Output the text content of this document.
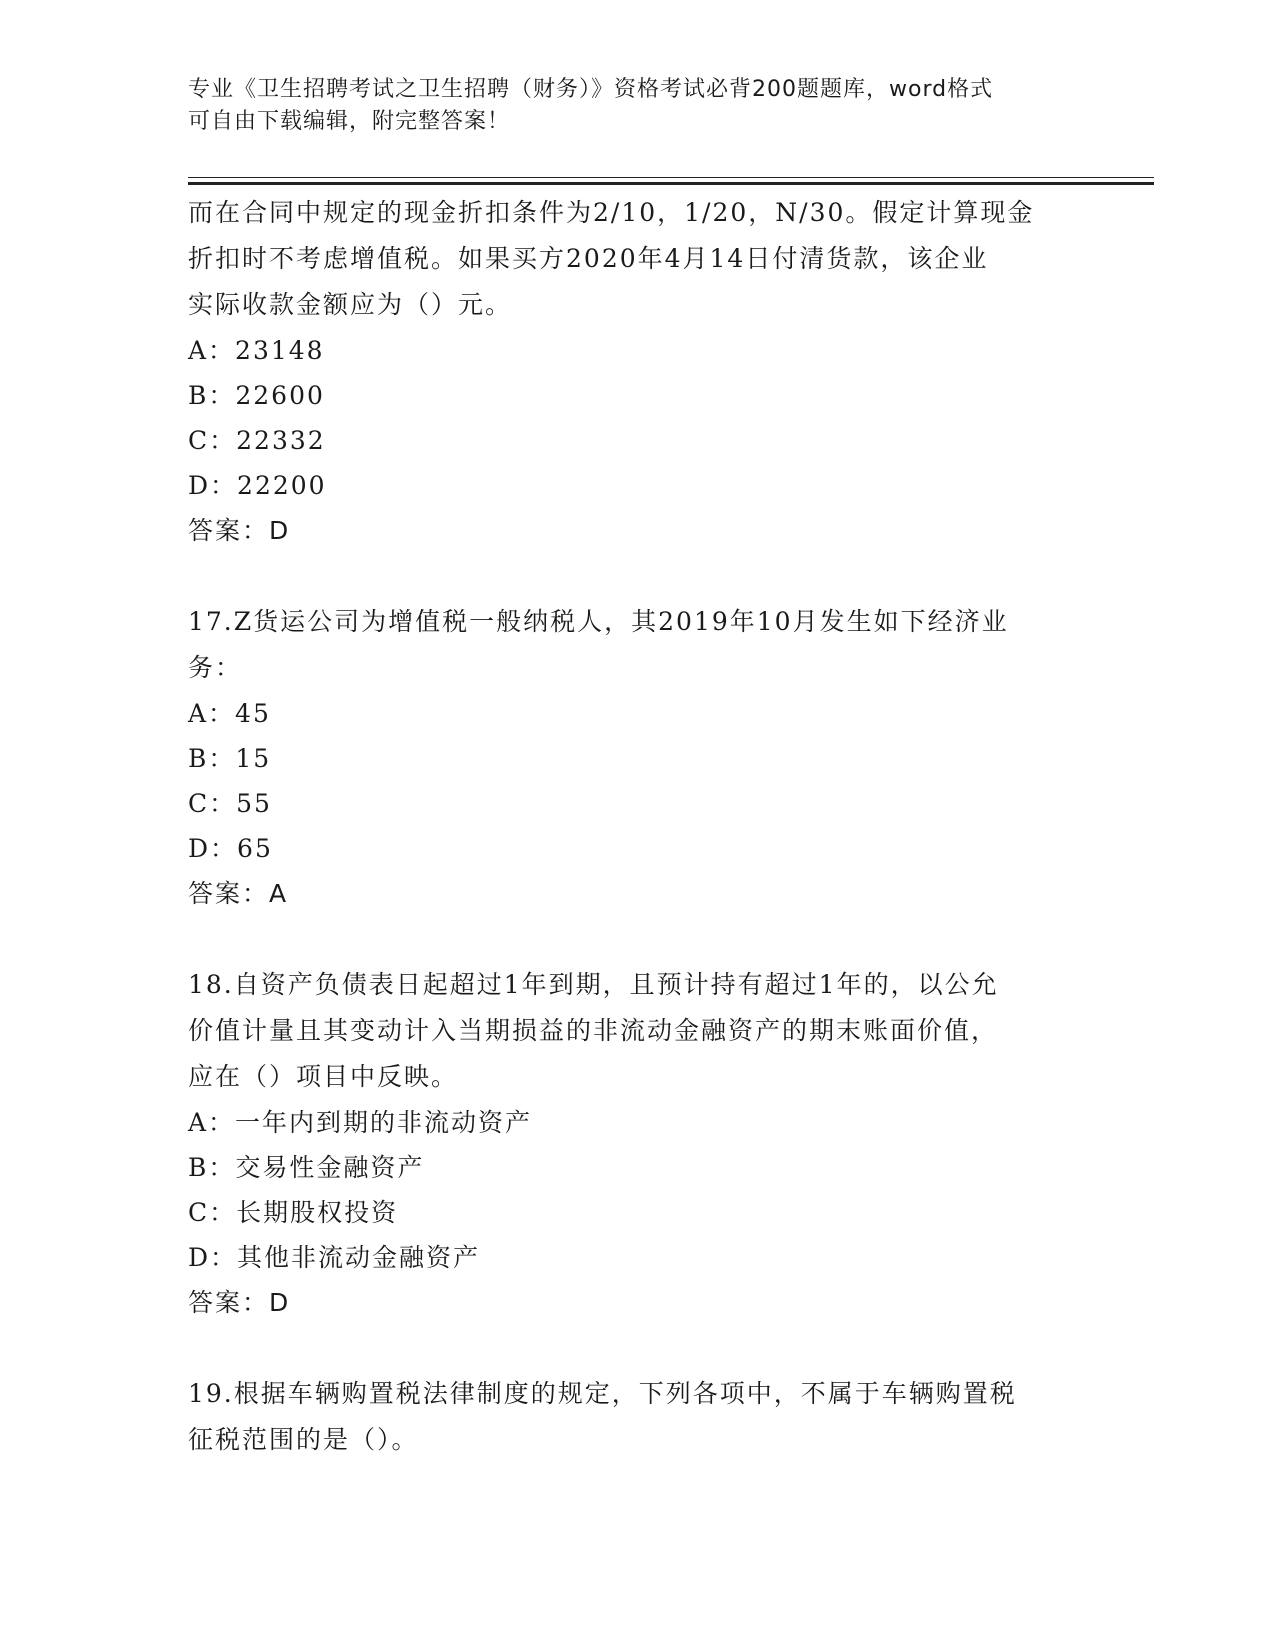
专业《卫生招聘考试之卫生招聘（财务）》资格考试必背200题题库，word格式
可自由下载编辑，附完整答案！

而在合同中规定的现金折扣条件为2/10，1/20，N/30。假定计算现金

折扣时不考虑增值税。如果买方2020年4月14日付清货款，该企业

实际收款金额应为（）元。

A：23148

B：22600

C：22332

D：22200

答案：D

17.Z货运公司为增值税一般纳税人，其2019年10月发生如下经济业

务：

A：45

B：15

C：55

D：65

答案：A

18.自资产负债表日起超过1年到期，且预计持有超过1年的，以公允

价值计量且其变动计入当期损益的非流动金融资产的期末账面价值，

应在（）项目中反映。

A：一年内到期的非流动资产

B：交易性金融资产

C：长期股权投资

D：其他非流动金融资产

答案：D

19.根据车辆购置税法律制度的规定，下列各项中，不属于车辆购置税

征税范围的是（）。
